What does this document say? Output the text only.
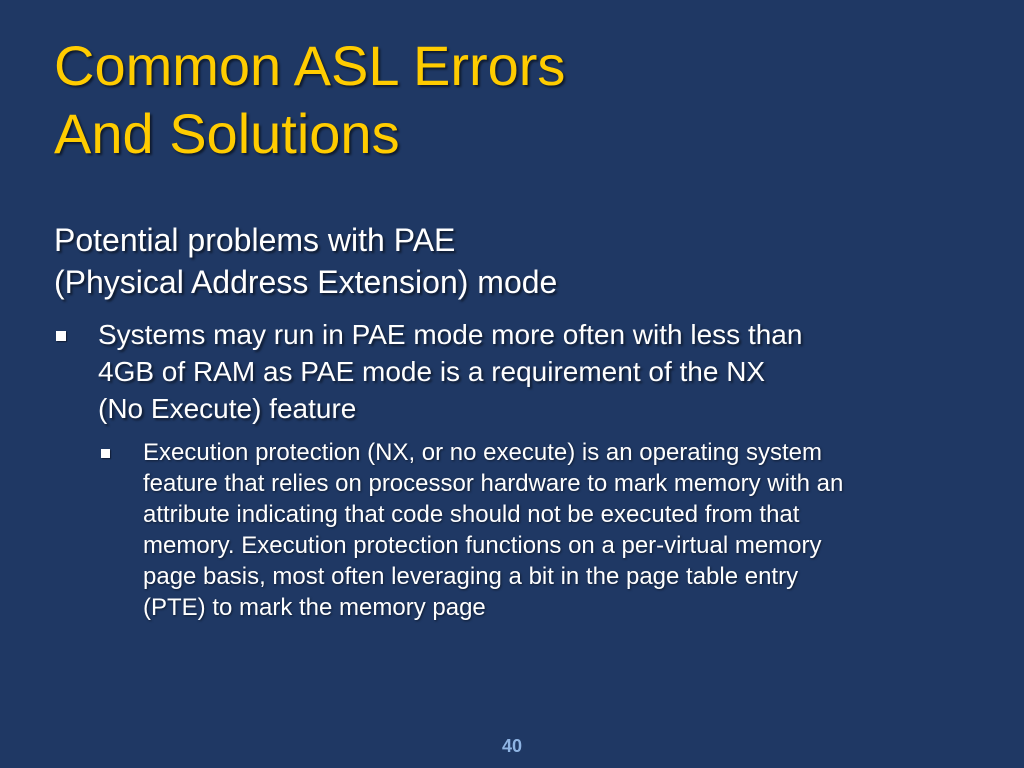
Common ASL Errors
And Solutions
Potential problems with PAE
(Physical Address Extension) mode
Systems may run in PAE mode more often with less than
4GB of RAM as PAE mode is a requirement of the NX
(No Execute) feature
Execution protection (NX, or no execute) is an operating system
feature that relies on processor hardware to mark memory with an
attribute indicating that code should not be executed from that
memory. Execution protection functions on a per-virtual memory
page basis, most often leveraging a bit in the page table entry
(PTE) to mark the memory page
40
